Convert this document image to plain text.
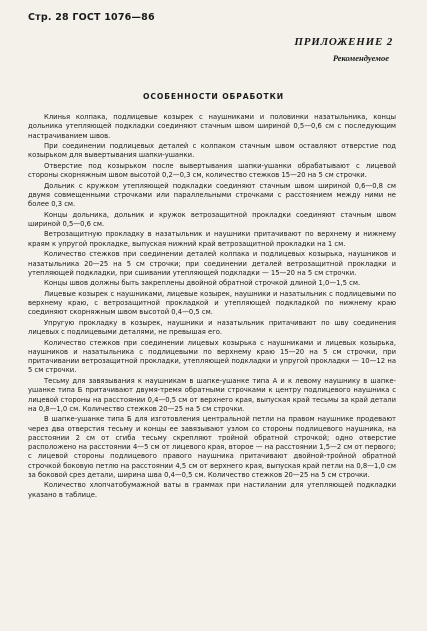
Стр. 28 ГОСТ 1076—86
ПРИЛОЖЕНИЕ 2
Рекомендуемое
ОСОБЕННОСТИ ОБРАБОТКИ

Клинья колпака, подлицевые козырек с наушниками и половинки назатыльника, концы дольника утепляющей подкладки соединяют стачным швом шириной 0,5—0,6 см с последующим настрачиванием швов.

При соединении подлицевых деталей с колпаком стачным швом оставляют отверстие под козырьком для вывертывания шапки-ушанки.

Отверстие под козырьком после вывертывания шапки-ушанки обрабатывают с лицевой стороны скорняжным швом высотой 0,2—0,3 см, количество стежков 15—20 на 5 см строчки.

Дольник с кружком утепляющей подкладки соединяют стачным швом шириной 0,6—0,8 см двумя совмещенными строчками или параллельными строчками с расстоянием между ними не более 0,3 см.

Концы дольника, дольник и кружок ветрозащитной прокладки соединяют стачным швом шириной 0,5—0,6 см.

Ветрозащитную прокладку в назатыльник и наушники притачивают по верхнему и нижнему краям к упругой прокладке, выпуская нижний край ветрозащитной прокладки на 1 см.

Количество стежков при соединении деталей колпака и подлицевых козырька, наушников и назатыльника 20—25 на 5 см строчки; при соединении деталей ветрозащитной прокладки и утепляющей подкладки, при сшивании утепляющей подкладки — 15—20 на 5 см строчки.

Концы швов должны быть закреплены двойной обратной строчкой длиной 1,0—1,5 см.

Лицевые козырек с наушниками, лицевые козырек, наушники и назатыльник с подлицевыми по верхнему краю, с ветрозащитной прокладкой и утепляющей подкладкой по нижнему краю соединяют скорняжным швом высотой 0,4—0,5 см.

Упругую прокладку в козырек, наушники и назатыльник притачивают по шву соединения лицевых с подлицевыми деталями, не превышая его.

Количество стежков при соединении лицевых козырька с наушниками и лицевых козырька, наушников и назатыльника с подлицевыми по верхнему краю 15—20 на 5 см строчки, при притачивании ветрозащитной прокладки, утепляющей подкладки и упругой прокладки — 10—12 на 5 см строчки.

Тесьму для завязывания к наушникам в шапке-ушанке типа А и к левому наушнику в шапке-ушанке типа Б притачивают двумя-тремя обратными строчками к центру подлицевого наушника с лицевой стороны на расстоянии 0,4—0,5 см от верхнего края, выпуская край тесьмы за край детали на 0,8—1,0 см. Количество стежков 20—25 на 5 см строчки.

В шапке-ушанке типа Б для изготовления центральной петли на правом наушнике продевают через два отверстия тесьму и концы ее завязывают узлом со стороны подлицевого наушника, на расстоянии 2 см от сгиба тесьму скрепляют тройной обратной строчкой; одно отверстие расположено на расстоянии 4—5 см от лицевого края, второе — на расстоянии 1,5—2 см от первого; с лицевой стороны подлицевого правого наушника притачивают двойной-тройной обратной строчкой боковую петлю на расстоянии 4,5 см от верхнего края, выпуская край петли на 0,8—1,0 см за боковой срез детали, ширина шва 0,4—0,5 см. Количество стежков 20—25 на 5 см строчки.

Количество хлопчатобумажной ваты в граммах при настилании для утепляющей подкладки указано в таблице.
